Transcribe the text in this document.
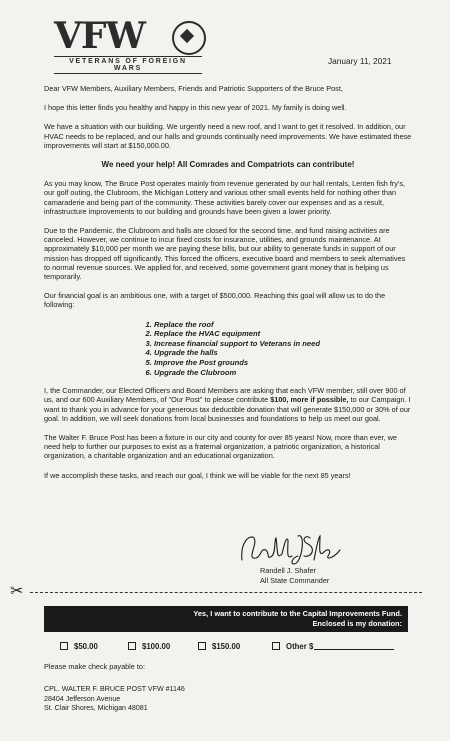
VFW
VETERANS OF FOREIGN WARS
January 11, 2021

Dear VFW Members, Auxiliary Members, Friends and Patriotic Supporters of the Bruce Post,

I hope this letter finds you healthy and happy in this new year of 2021. My family is doing well.

We have a situation with our building. We urgently need a new roof, and I want to get it resolved. In addition, our HVAC needs to be replaced, and our halls and grounds continually need improvements. We have estimated these improvements will start at $150,000.00.

We need your help! All Comrades and Compatriots can contribute!

As you may know, The Bruce Post operates mainly from revenue generated by our hall rentals, Lenten fish fry's, our golf outing, the Clubroom, the Michigan Lottery and various other small events held for nothing other than camaraderie and being part of the community. These activities barely cover our expenses and as a result, infrastructure improvements to our building and grounds have been given a lower priority.

Due to the Pandemic, the Clubroom and halls are closed for the second time, and fund raising activities are canceled. However, we continue to incur fixed costs for insurance, utilities, and grounds maintenance. At approximately $10,000 per month we are paying these bills, but our ability to generate funds in support of our mission has dropped off significantly. This forced the officers, executive board and members to seek alternatives to normal revenue sources. We applied for, and received, some government grant money that is helping us temporarily.

Our financial goal is an ambitious one, with a target of $500,000. Reaching this goal will allow us to do the following:

1. Replace the roof
2. Replace the HVAC equipment
3. Increase financial support to Veterans in need
4. Upgrade the halls
5. Improve the Post grounds
6. Upgrade the Clubroom

I, the Commander, our Elected Officers and Board Members are asking that each VFW member, still over 900 of us, and our 600 Auxiliary Members, of "Our Post" to please contribute $100, more if possible, to our Campaign. I want to thank you in advance for your generous tax deductible donation that will generate $150,000 or 30% of our goal. In addition, we will seek donations from local businesses and foundations to help us meet our goal.

The Walter F. Bruce Post has been a fixture in our city and county for over 85 years! Now, more than ever, we need help to further our purposes to exist as a fraternal organization, a patriotic organization, a historical organization, a charitable organization and an educational organization.

If we accomplish these tasks, and reach our goal, I think we will be viable for the next 85 years!

Randell J. Shafer
All State Commander
✂
Yes, I want to contribute to the Capital Improvements Fund.
Enclosed is my donation:
$50.00	$100.00	$150.00	Other $
Please make check payable to:
CPL. WALTER F. BRUCE POST VFW #1146
28404 Jefferson Avenue
St. Clair Shores, Michigan 48081
